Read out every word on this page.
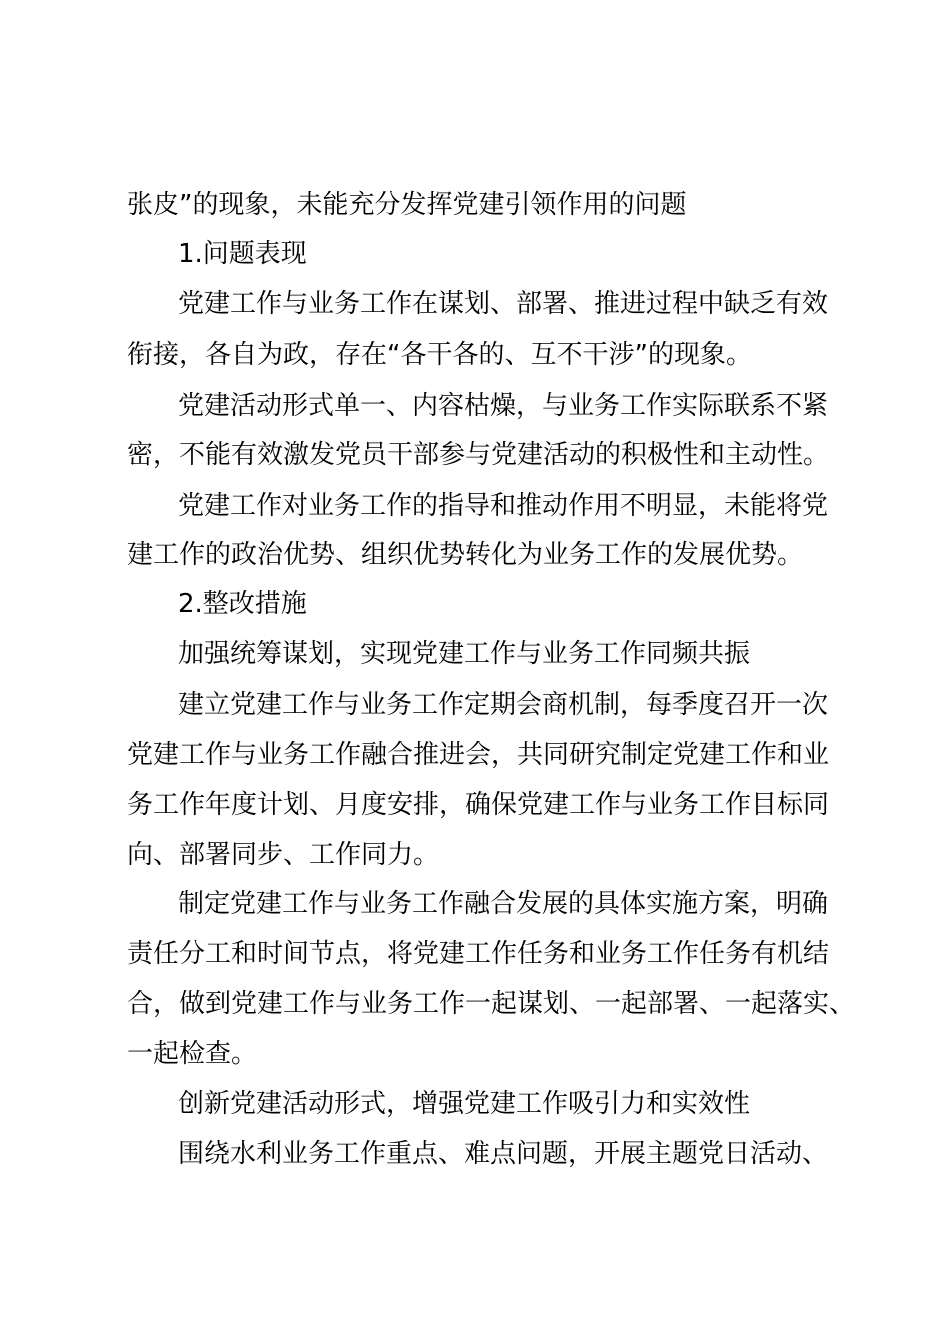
张皮”的现象，未能充分发挥党建引领作用的问题
1.问题表现
党建工作与业务工作在谋划、部署、推进过程中缺乏有效
衔接，各自为政，存在“各干各的、互不干涉”的现象。
党建活动形式单一、内容枯燥，与业务工作实际联系不紧
密，不能有效激发党员干部参与党建活动的积极性和主动性。
党建工作对业务工作的指导和推动作用不明显，未能将党
建工作的政治优势、组织优势转化为业务工作的发展优势。
2.整改措施
加强统筹谋划，实现党建工作与业务工作同频共振
建立党建工作与业务工作定期会商机制，每季度召开一次
党建工作与业务工作融合推进会，共同研究制定党建工作和业
务工作年度计划、月度安排，确保党建工作与业务工作目标同
向、部署同步、工作同力。
制定党建工作与业务工作融合发展的具体实施方案，明确
责任分工和时间节点，将党建工作任务和业务工作任务有机结
合，做到党建工作与业务工作一起谋划、一起部署、一起落实、
一起检查。
创新党建活动形式，增强党建工作吸引力和实效性
围绕水利业务工作重点、难点问题，开展主题党日活动、
